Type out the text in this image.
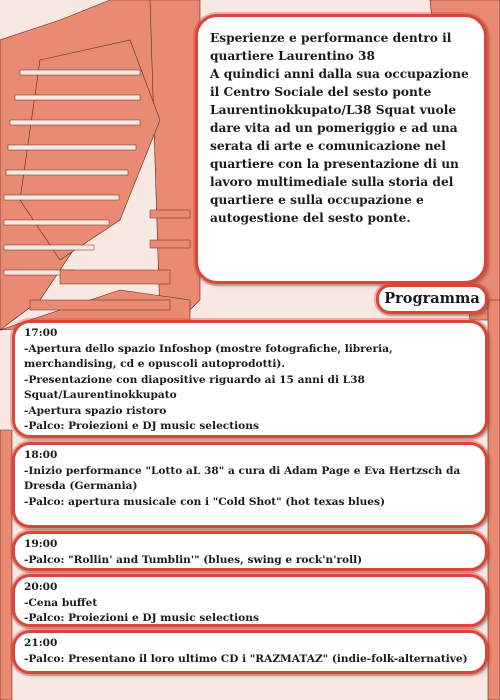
Esperienze e performance dentro il quartiere Laurentino 38

A quindici anni dalla sua occupazione il Centro Sociale del sesto ponte Laurentinokkupato/L38 Squat vuole dare vita ad un pomeriggio e ad una serata di arte e comunicazione nel quartiere con la presentazione di un lavoro multimediale sulla storia del quartiere e sulla occupazione e autogestione del sesto ponte.

Programma
17:00
-Apertura dello spazio Infoshop (mostre fotografiche, libreria, merchandising, cd e opuscoli autoprodotti).
-Presentazione con diapositive riguardo ai 15 anni di L38 Squat/Laurentinokkupato
-Apertura spazio ristoro
-Palco: Proiezioni e DJ music selections
18:00
-Inizio performance "Lotto aL 38" a cura di Adam Page e Eva Hertzsch da Dresda (Germania)
-Palco: apertura musicale con i "Cold Shot" (hot texas blues)
19:00
-Palco: "Rollin' and Tumblin'" (blues, swing e rock'n'roll)
20:00
-Cena buffet
-Palco: Proiezioni e DJ music selections
21:00
-Palco: Presentano il loro ultimo CD i "RAZMATAZ" (indie-folk-alternative)
